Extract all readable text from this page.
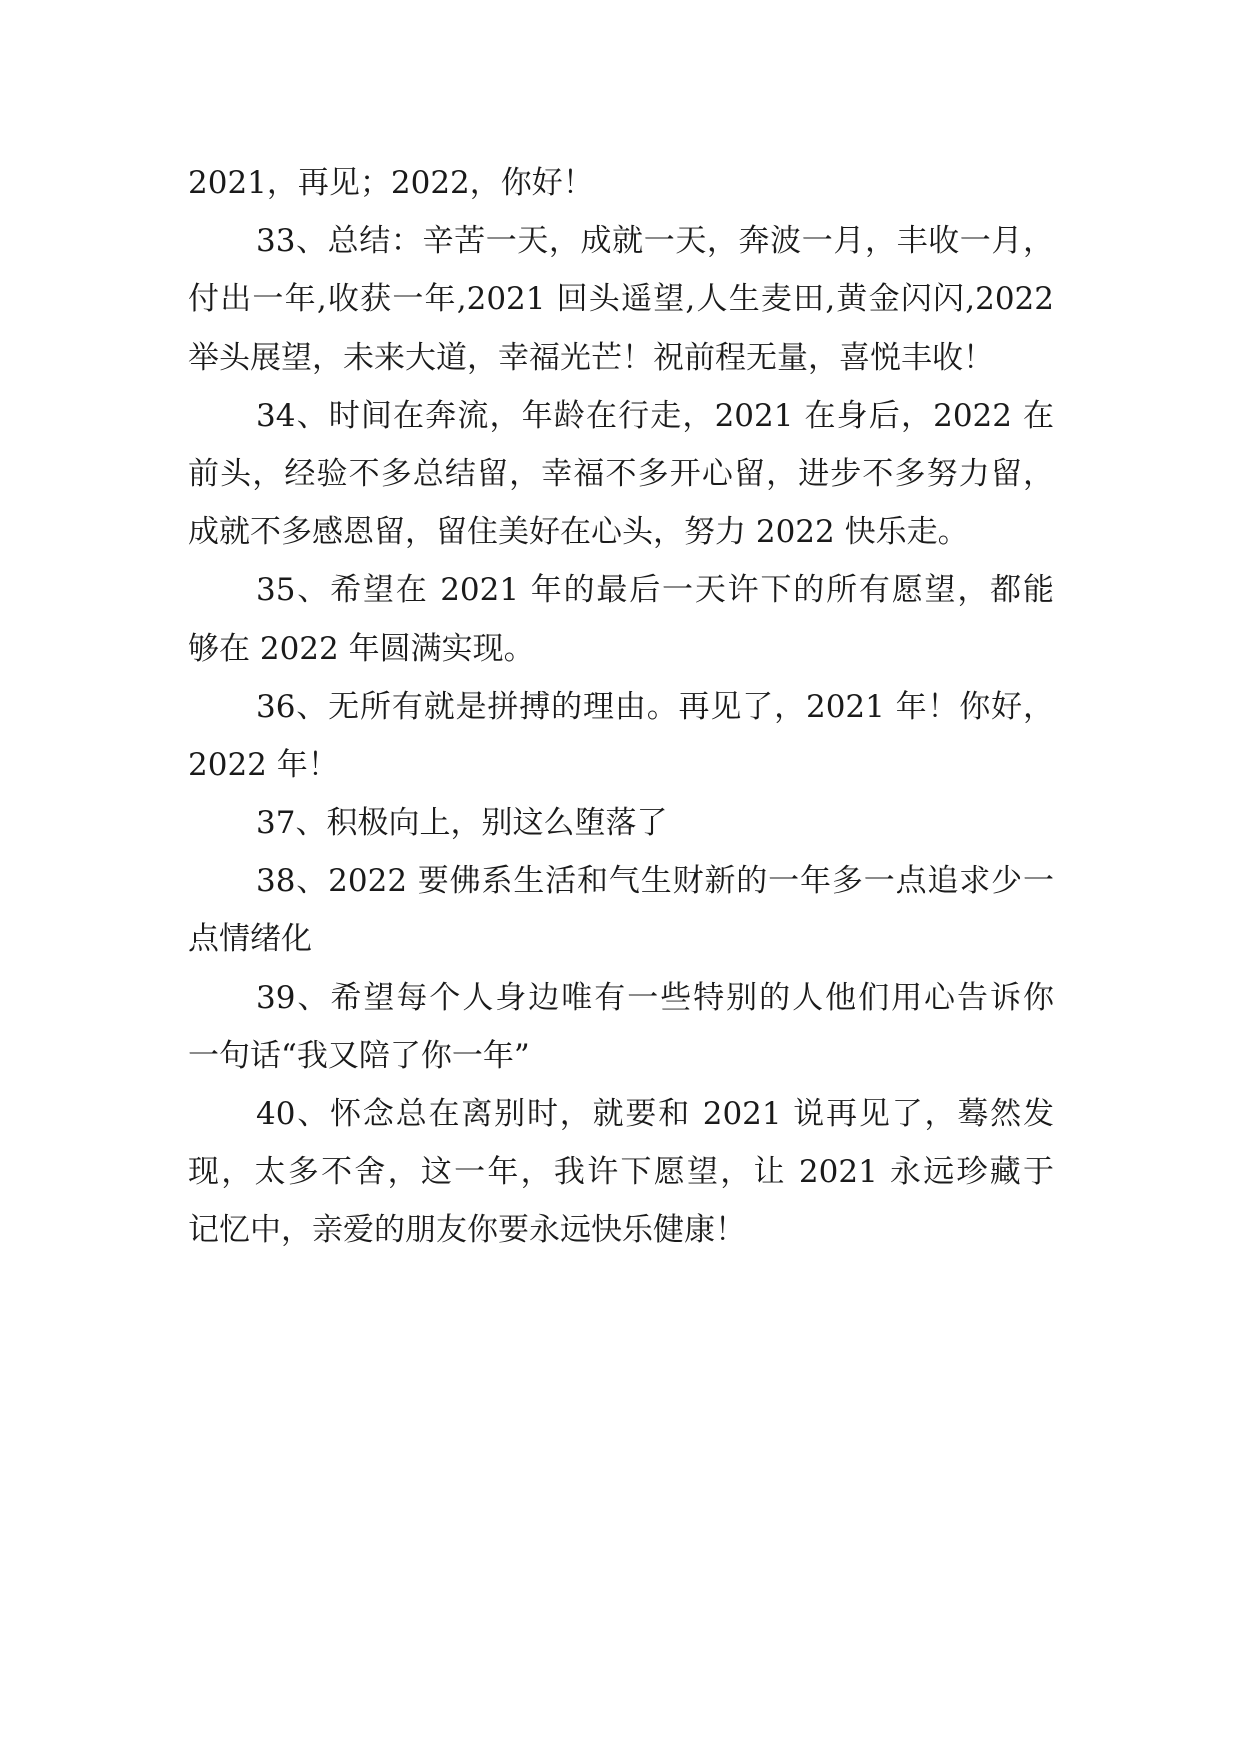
2021，再见；2022，你好！
33、总结：辛苦一天，成就一天，奔波一月，丰收一月，
付出一年,收获一年,2021 回头遥望,人生麦田,黄金闪闪,2022
举头展望，未来大道，幸福光芒！祝前程无量，喜悦丰收！
34、时间在奔流，年龄在行走，2021 在身后，2022 在
前头，经验不多总结留，幸福不多开心留，进步不多努力留，
成就不多感恩留，留住美好在心头，努力 2022 快乐走。
35、希望在 2021 年的最后一天许下的所有愿望，都能
够在 2022 年圆满实现。
36、无所有就是拼搏的理由。再见了，2021 年！你好，
2022 年！
37、积极向上，别这么堕落了
38、2022 要佛系生活和气生财新的一年多一点追求少一
点情绪化
39、希望每个人身边唯有一些特别的人他们用心告诉你
一句话“我又陪了你一年”
40、怀念总在离别时，就要和 2021 说再见了，蓦然发
现，太多不舍，这一年，我许下愿望，让 2021 永远珍藏于
记忆中，亲爱的朋友你要永远快乐健康！
